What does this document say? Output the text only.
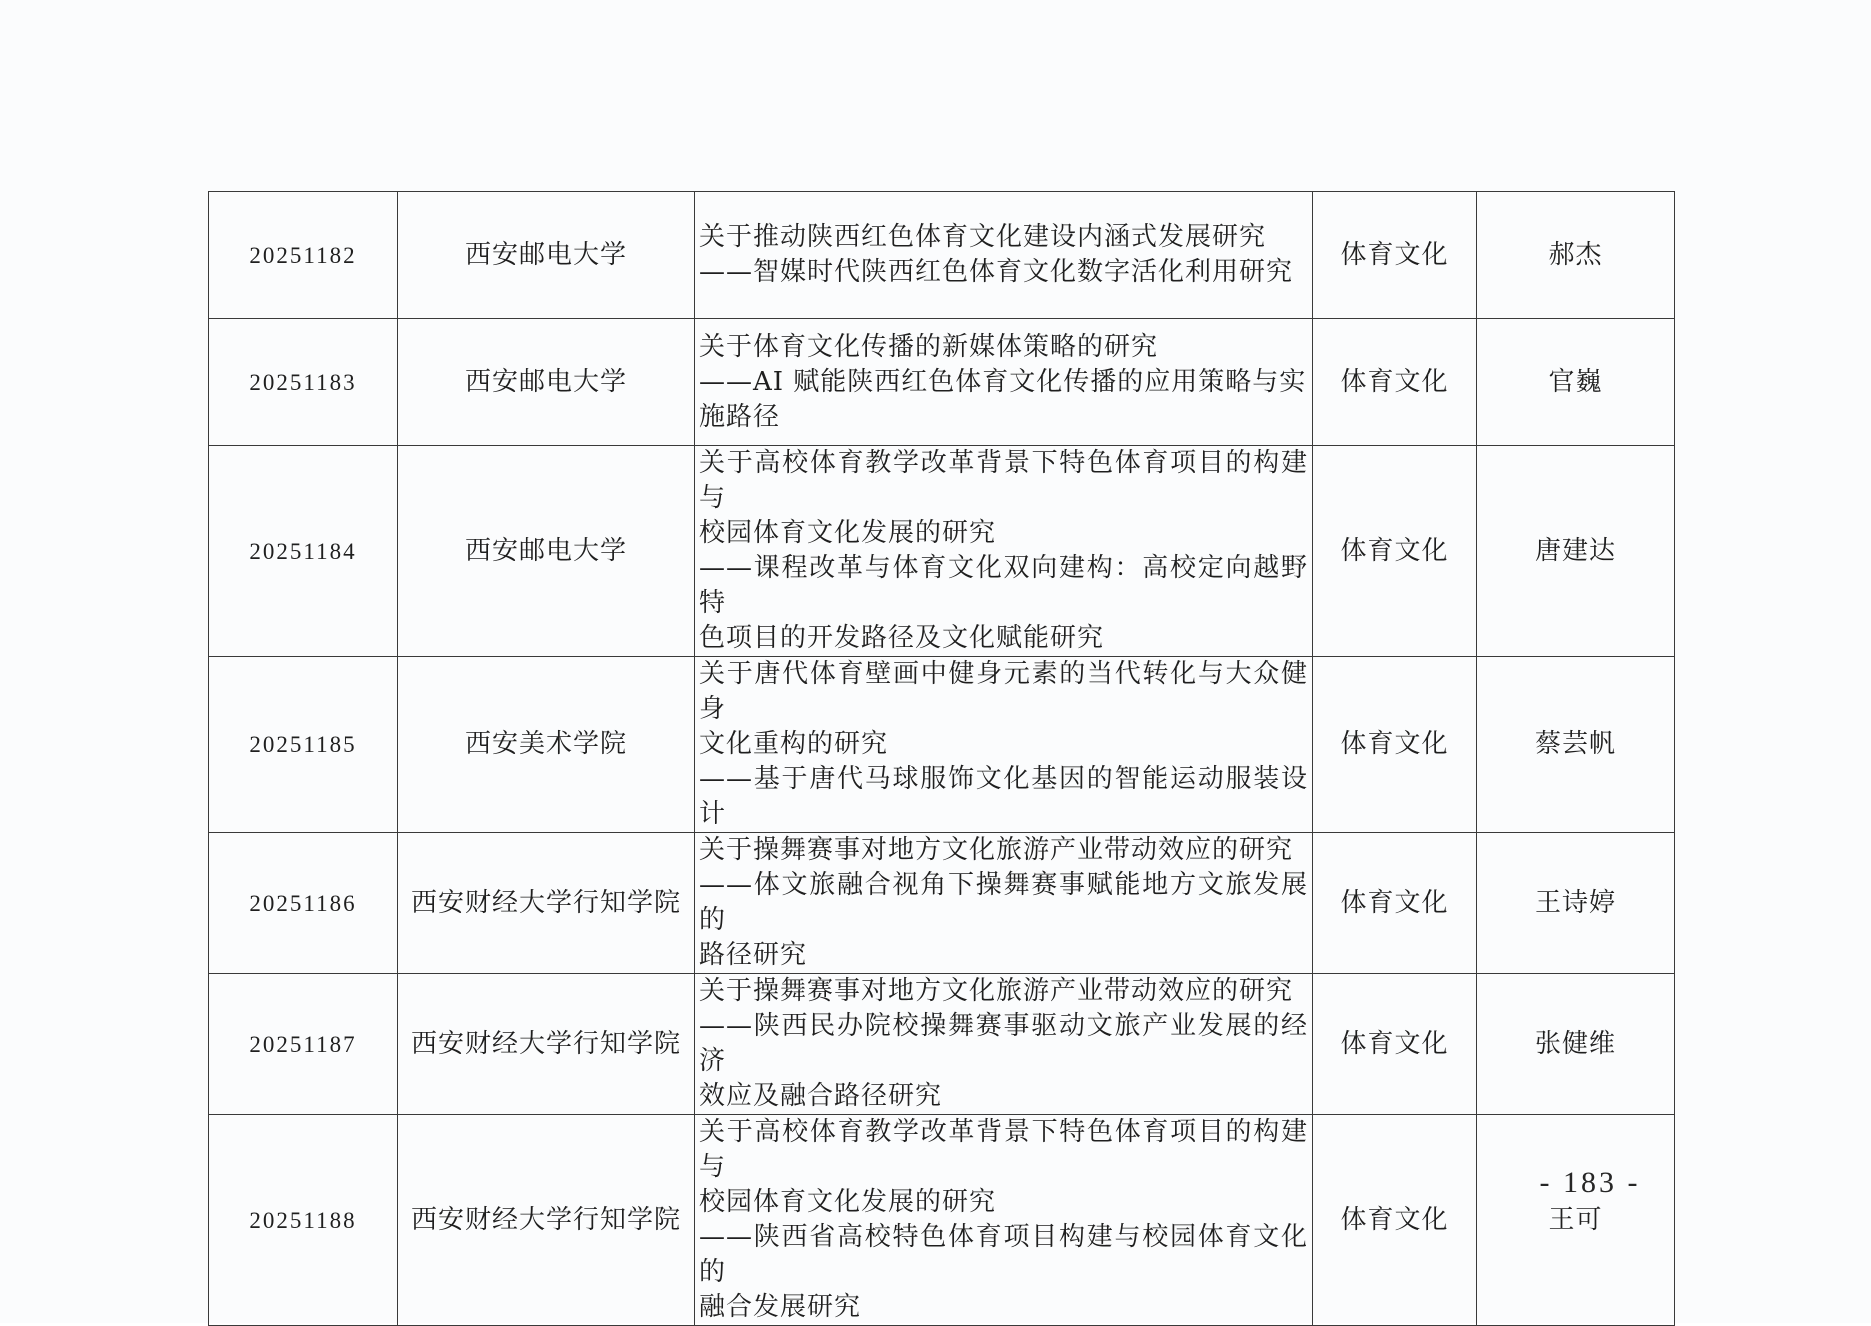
20251182	西安邮电大学	关于推动陕西红色体育文化建设内涵式发展研究
——智媒时代陕西红色体育文化数字活化利用研究	体育文化	郝杰
20251183	西安邮电大学	关于体育文化传播的新媒体策略的研究
——AI 赋能陕西红色体育文化传播的应用策略与实
施路径	体育文化	官巍
20251184	西安邮电大学	关于高校体育教学改革背景下特色体育项目的构建与
校园体育文化发展的研究
——课程改革与体育文化双向建构：高校定向越野特
色项目的开发路径及文化赋能研究	体育文化	唐建达
20251185	西安美术学院	关于唐代体育壁画中健身元素的当代转化与大众健身
文化重构的研究
——基于唐代马球服饰文化基因的智能运动服装设计	体育文化	蔡芸帆
20251186	西安财经大学行知学院	关于操舞赛事对地方文化旅游产业带动效应的研究
——体文旅融合视角下操舞赛事赋能地方文旅发展的
路径研究	体育文化	王诗婷
20251187	西安财经大学行知学院	关于操舞赛事对地方文化旅游产业带动效应的研究
——陕西民办院校操舞赛事驱动文旅产业发展的经济
效应及融合路径研究	体育文化	张健维
20251188	西安财经大学行知学院	关于高校体育教学改革背景下特色体育项目的构建与
校园体育文化发展的研究
——陕西省高校特色体育项目构建与校园体育文化的
融合发展研究	体育文化	王可
- 183 -
